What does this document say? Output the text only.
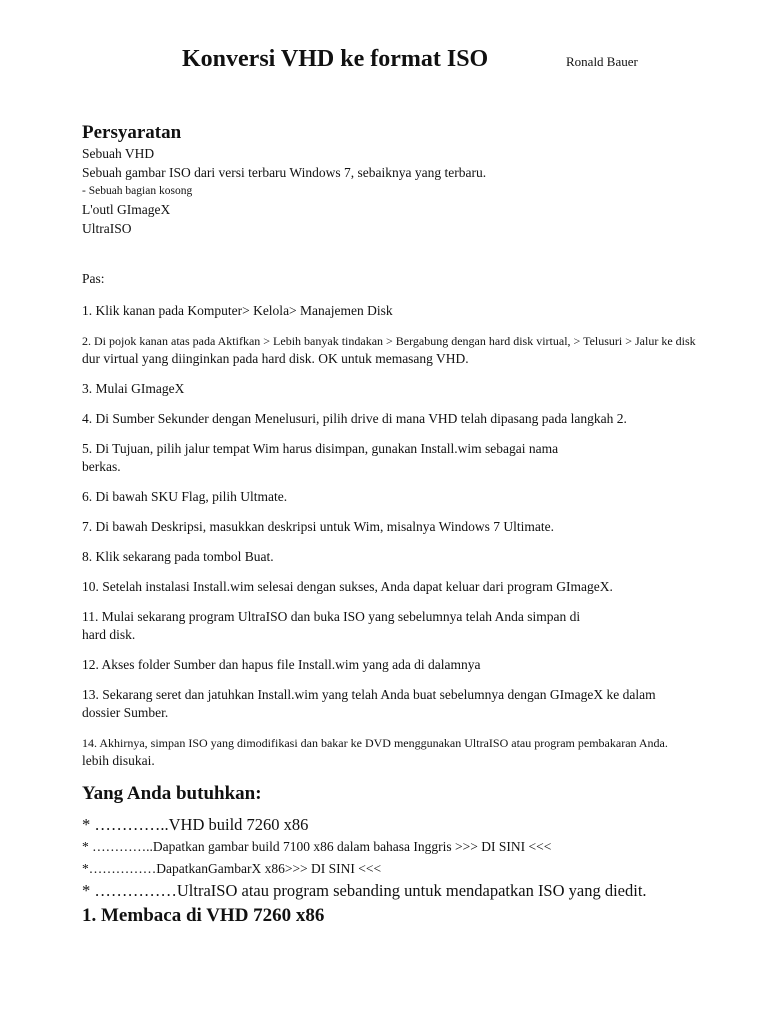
Konversi VHD ke format ISO	Ronald Bauer
Persyaratan
Sebuah VHD
Sebuah gambar ISO dari versi terbaru Windows 7, sebaiknya yang terbaru.
- Sebuah bagian kosong
L'outl GImageX
UltraISO
Pas:
1. Klik kanan pada Komputer> Kelola> Manajemen Disk
2. Di pojok kanan atas pada Aktifkan > Lebih banyak tindakan > Bergabung dengan hard disk virtual, > Telusuri > Jalur ke disk
dur virtual yang diinginkan pada hard disk. OK untuk memasang VHD.
3. Mulai GImageX
4. Di Sumber Sekunder dengan Menelusuri, pilih drive di mana VHD telah dipasang pada langkah 2.
5. Di Tujuan, pilih jalur tempat Wim harus disimpan, gunakan Install.wim sebagai nama
berkas.
6. Di bawah SKU Flag, pilih Ultmate.
7. Di bawah Deskripsi, masukkan deskripsi untuk Wim, misalnya Windows 7 Ultimate.
8. Klik sekarang pada tombol Buat.
10. Setelah instalasi Install.wim selesai dengan sukses, Anda dapat keluar dari program GImageX.
11. Mulai sekarang program UltraISO dan buka ISO yang sebelumnya telah Anda simpan di
hard disk.
12. Akses folder Sumber dan hapus file Install.wim yang ada di dalamnya
13. Sekarang seret dan jatuhkan Install.wim yang telah Anda buat sebelumnya dengan GImageX ke dalam
dossier Sumber.
14. Akhirnya, simpan ISO yang dimodifikasi dan bakar ke DVD menggunakan UltraISO atau program pembakaran Anda.
lebih disukai.
Yang Anda butuhkan:
* …………..VHD build 7260 x86
* …………..Dapatkan gambar build 7100 x86 dalam bahasa Inggris >>> DI SINI <<<
*……………DapatkanGambarX x86>>> DI SINI <<<
* ……………UltraISO atau program sebanding untuk mendapatkan ISO yang diedit.
1. Membaca di VHD 7260 x86
